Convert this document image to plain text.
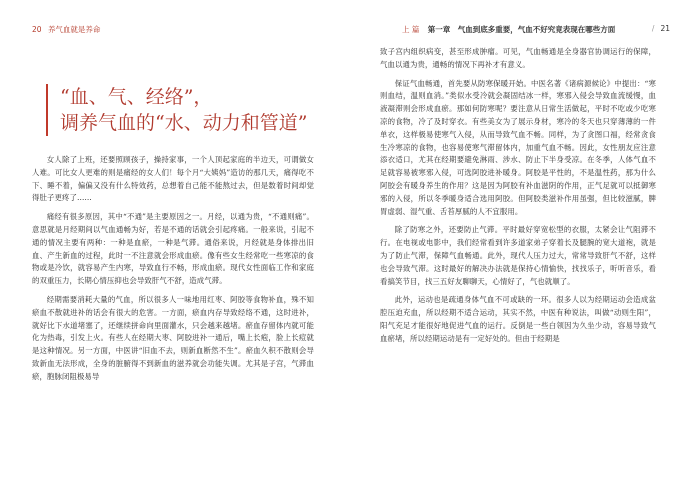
20 养气血就是养命
“血、气、经络”，
调养气血的“水、动力和管道”

女人除了上班，还要照顾孩子，操持家事，一个人顶起家庭的半边天，可谓做女人难。可比女人更难的则是痛经的女人们！每个月“大姨妈”造访的那几天，痛得吃不下、睡不着，偏偏又没有什么特效药，总想着自己能不能熬过去，但是数着时间却觉得肚子更疼了……

痛经有很多原因，其中“不通”是主要原因之一。月经，以通为贵，“不通则痛”。意思就是月经期间以气血通畅为好，若是不通的话就会引起疼痛。一般来说，引起不通的情况主要有两种：一种是血瘀，一种是气滞。通俗来说，月经就是身体排出旧血、产生新血的过程，此时一不注意就会形成血瘀。像有些女生经常吃一些寒凉的食物或是冷饮，就容易产生内寒，导致血行不畅，形成血瘀。现代女性面临工作和家庭的双重压力，长期心情压抑也会导致肝气不舒，造成气滞。

经期需要消耗大量的气血，所以很多人一味地用红枣、阿胶等食物补血，殊不知瘀血不散就进补的话会有很大的危害。一方面，瘀血内存导致经络不通，这时进补，就好比下水道堵塞了，还继续拼命向里面灌水，只会越来越堵。瘀血存留体内就可能化为热毒，引发上火。有些人在经期大枣、阿胶进补一通后，嘴上长疱，脸上长痘就是这种情况。另一方面，中医讲“旧血不去，则新血断然不生”。瘀血久积不散则会导致新血无法形成，全身的脏腑得不到新血的滋养就会功能失调。尤其是子宫，气滞血瘀，胞脉闭阻极易导

上 篇 第一章　气血到底多重要，气血不好究竟表现在哪些方面	/ 21

致子宫内组织病变，甚至形成肿瘤。可见，气血畅通是全身器官协调运行的保障，气血以通为贵，通畅的情况下再补才有意义。

保证气血畅通，首先要从防寒保暖开始。中医名著《诸病源候论》中提出：“寒则血结，温则血消。”类似水受冷就会凝固结冰一样，寒邪入侵会导致血流缓慢，血液凝滞则会形成血瘀。那如何防寒呢？要注意从日常生活做起，平时不吃或少吃寒凉的食物，冷了及时穿衣。有些美女为了展示身材，寒冷的冬天也只穿薄薄的一件单衣，这样极易使寒气入侵，从而导致气血不畅。同样，为了贪图口福，经常贪食生冷寒凉的食物，也容易使寒气滞留体内，加重气血不畅。因此，女性朋友应注意添衣适口，尤其在经期要避免淋雨、涉水、防止下半身受凉。在冬季，人体气血不足就容易被寒邪入侵，可选阿胶进补暖身。阿胶是平性的，不是温性药，那为什么阿胶会有暖身养生的作用？这是因为阿胶有补血滋阴的作用，正气足就可以抵御寒邪的入侵，所以冬季暖身适合选用阿胶。但阿胶类滋补作用虽强，但比较滋腻，脾胃虚弱、湿气重、舌苔厚腻的人不宜服用。

除了防寒之外，还要防止气滞。平时最好穿宽松型的衣服，太紧会让气阻滞不行。在电视或电影中，我们经常看到许多道家弟子穿着长及腿腕的宽大道袍，就是为了防止气滞，保障气血畅通。此外，现代人压力过大，常常导致肝气不舒，这样也会导致气滞。这时最好的解决办法就是保持心情愉快，找找乐子，听听音乐，看看搞笑节目，找三五好友聊聊天，心情好了，气也就顺了。

此外，运动也是疏通身体气血不可或缺的一环。很多人以为经期运动会造成盆腔压迫充血，所以经期不适合运动，其实不然，中医有种说法，叫做“动则生阳”，阳气充足才能很好地促进气血的运行。反倒是一些白领因为久坐少动，容易导致气血瘀堵，所以经期运动是有一定好处的。但由于经期是
